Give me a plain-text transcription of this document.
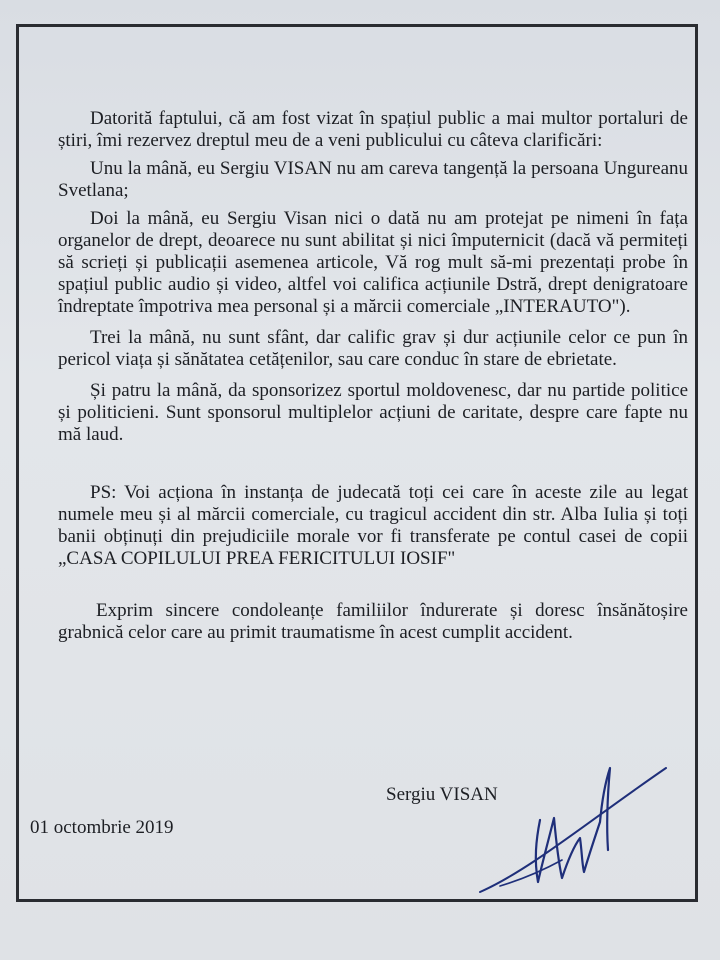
Datorită faptului, că am fost vizat în spațiul public a mai multor portaluri de știri, îmi rezervez dreptul meu de a veni publicului cu câteva clarificări:

Unu la mână, eu Sergiu VISAN nu am careva tangență la persoana Ungureanu Svetlana;

Doi la mână, eu Sergiu Visan nici o dată nu am protejat pe nimeni în fața organelor de drept, deoarece nu sunt abilitat și nici împuternicit (dacă vă permiteți să scrieți și publicații asemenea articole, Vă rog mult să-mi prezentați probe în spațiul public audio și video, altfel voi califica acțiunile Dstră, drept denigratoare îndreptate împotriva mea personal și a mărcii comerciale „INTERAUTO").

Trei la mână, nu sunt sfânt, dar calific grav și dur acțiunile celor ce pun în pericol viața și sănătatea cetățenilor, sau care conduc în stare de ebrietate.

Și patru la mână, da sponsorizez sportul moldovenesc, dar nu partide politice și politicieni. Sunt sponsorul multiplelor acțiuni de caritate, despre care fapte nu mă laud.

PS: Voi acționa în instanța de judecată toți cei care în aceste zile au legat numele meu și al mărcii comerciale, cu tragicul accident din str. Alba Iulia și toți banii obținuți din prejudiciile morale vor fi transferate pe contul casei de copii „CASA COPILULUI PREA FERICITULUI IOSIF"

Exprim sincere condoleanțe familiilor îndurerate și doresc însănătoșire grabnică celor care au primit traumatisme în acest cumplit accident.

Sergiu VISAN
01 octombrie 2019
